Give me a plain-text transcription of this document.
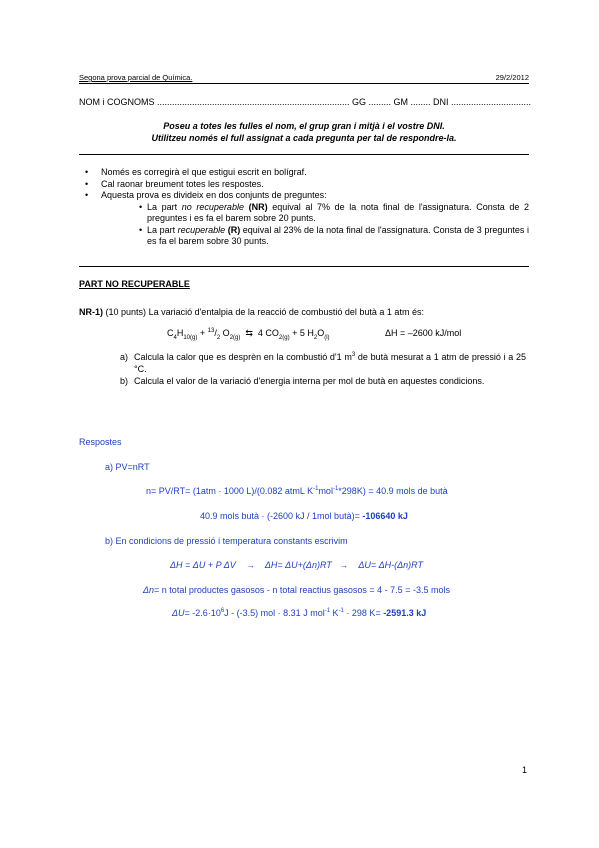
Segona prova parcial de Química.	29/2/2012
NOM i COGNOMS ............................................................................. GG ......... GM ........ DNI ................................
Poseu a totes les fulles el nom, el grup gran i mitjà i el vostre DNI.
Utilitzeu només el full assignat a cada pregunta per tal de respondre-la.
• Només es corregirà el que estigui escrit en bolígraf.
• Cal raonar breument totes les respostes.
• Aquesta prova es divideix en dos conjunts de preguntes:
• La part no recuperable (NR) equival al 7% de la nota final de l'assignatura. Consta de 2 preguntes i es fa el barem sobre 20 punts.
• La part recuperable (R) equival al 23% de la nota final de l'assignatura. Consta de 3 preguntes i es fa el barem sobre 30 punts.
PART NO RECUPERABLE
NR-1) (10 punts) La variació d'entalpia de la reacció de combustió del butà a 1 atm és:
$C_4H_{10(g)} + ^{13}/_2$ $O_{2(g)}$  ⇆  4 $CO_{2(g)} + 5$ $H_2O_{(l)}$	ΔH = –2600 kJ/mol
a) Calcula la calor que es desprèn en la combustió d'1 $m^3$ de butà mesurat a 1 atm de pressió i a 25 °C.
b) Calcula el valor de la variació d'energia interna per mol de butà en aquestes condicions.
Respostes
a) PV=nRT
n= PV/RT= (1atm · 1000 L)/(0.082 atmL $K^{-1}mol^{-1}*298K) = 40.9$ mols de butà
40.9 mols butà · (-2600 kJ / 1mol butà)= -106640 kJ
b) En condicions de pressió i temperatura constants escrivim
ΔH = ΔU + P ΔV    →    ΔH= ΔU+(Δn)RT   →    ΔU= ΔH-(Δn)RT
Δn= n total productes gasosos - n total reactius gasosos = 4 - 7.5 = -3.5 mols
$\Delta U= -2.6\cdot 10^6J - (-3.5)$ mol · 8.31 J mol$^{-1}$ $K^{-1} \cdot 298$ K= -2591.3 kJ
1
